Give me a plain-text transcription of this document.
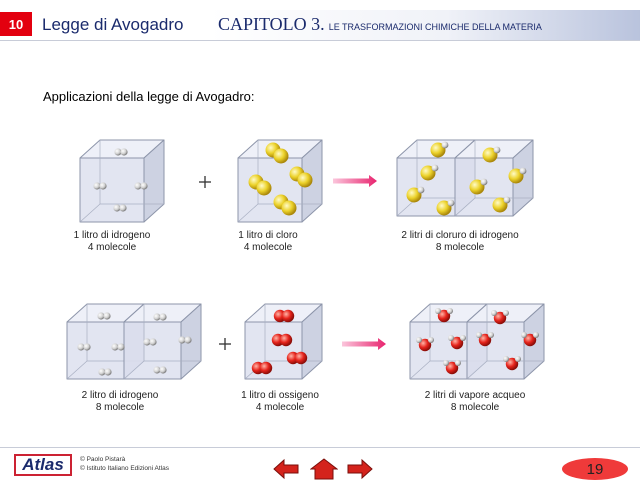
10	Legge di Avogadro CAPITOLO 3. LE TRASFORMAZIONI CHIMICHE DELLA MATERIA
Applicazioni della legge di Avogadro:
1 litro di idrogeno
4 molecole
1 litro di cloro
4 molecole
2 litri di cloruro di idrogeno
8 molecole
2 litro di idrogeno
8 molecole
1 litro di ossigeno
4 molecole
2 litri di vapore acqueo
8 molecole
Atlas	© Paolo Pistarà
© Istituto Italiano Edizioni Atlas	19
